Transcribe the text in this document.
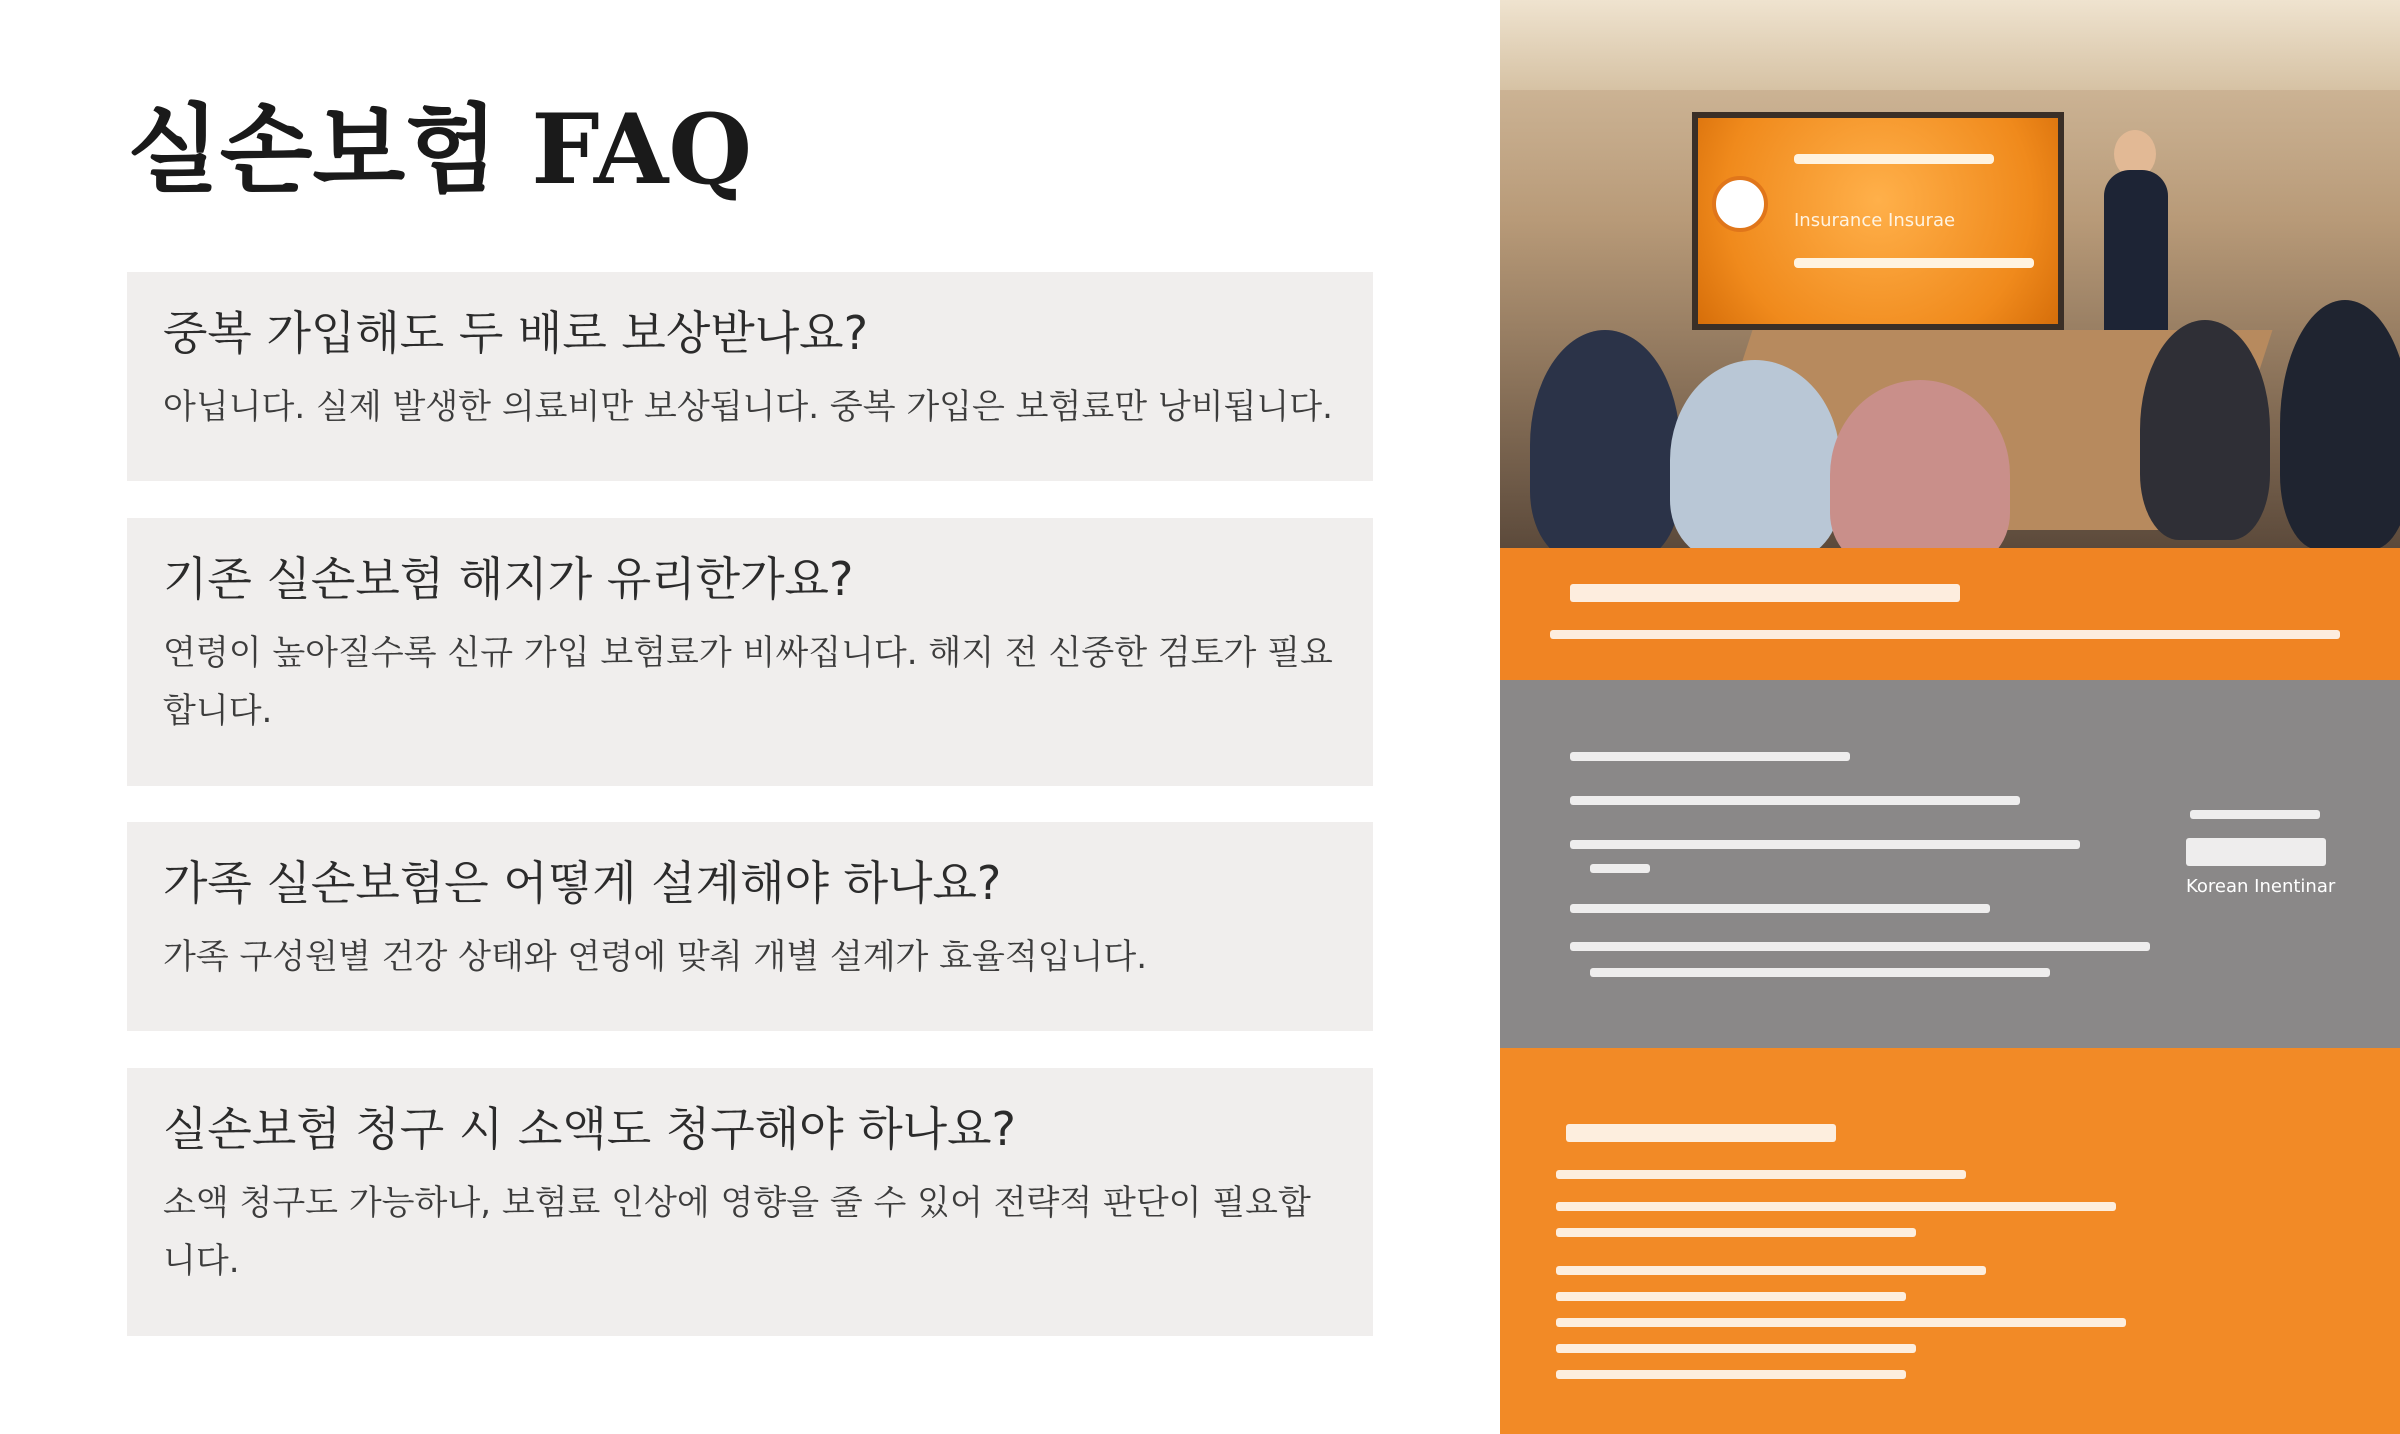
실손보험 FAQ

중복 가입해도 두 배로 보상받나요?

아닙니다. 실제 발생한 의료비만 보상됩니다. 중복 가입은 보험료만 낭비됩니다.

기존 실손보험 해지가 유리한가요?

연령이 높아질수록 신규 가입 보험료가 비싸집니다. 해지 전 신중한 검토가 필요합니다.

가족 실손보험은 어떻게 설계해야 하나요?

가족 구성원별 건강 상태와 연령에 맞춰 개별 설계가 효율적입니다.

실손보험 청구 시 소액도 청구해야 하나요?

소액 청구도 가능하나, 보험료 인상에 영향을 줄 수 있어 전략적 판단이 필요합니다.

Insurance Insurae
Korean Inentinar
